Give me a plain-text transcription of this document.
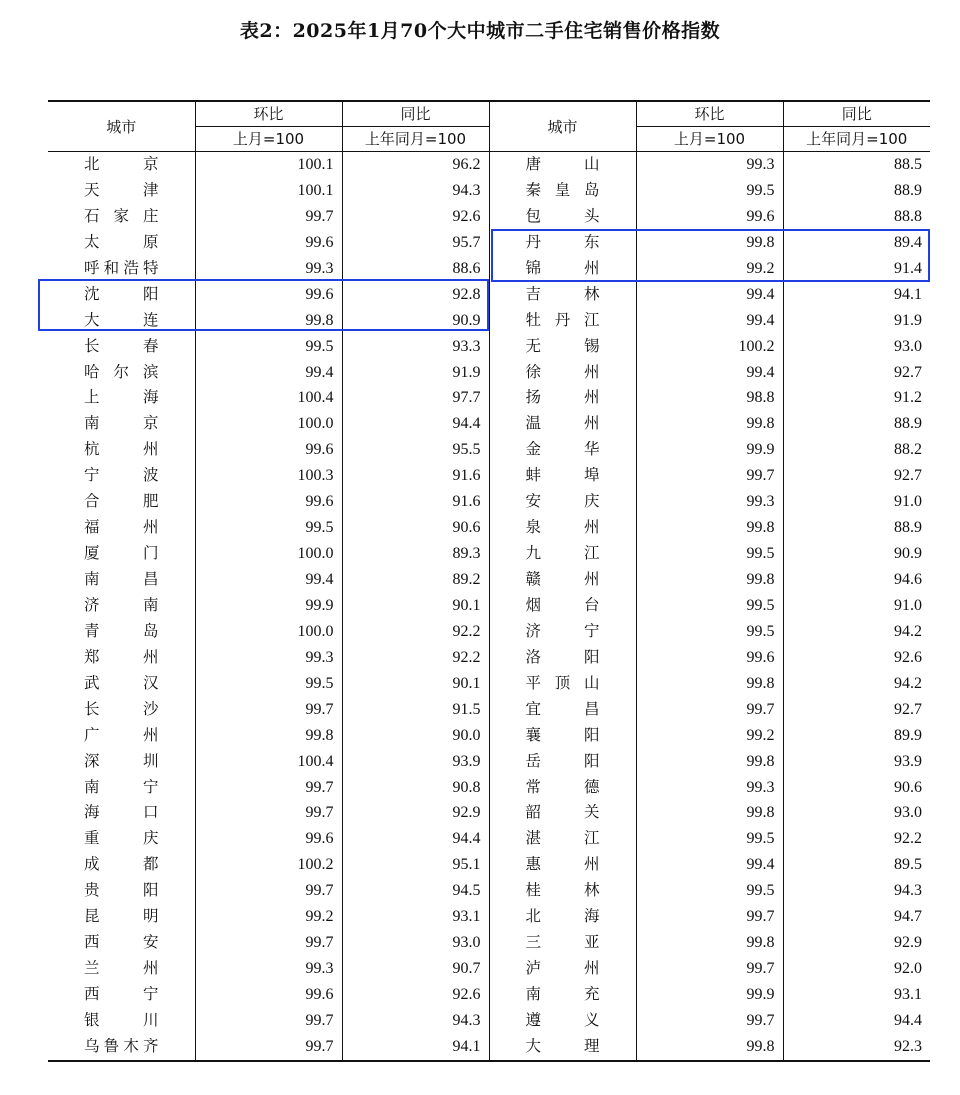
表2：2025年1月70个大中城市二手住宅销售价格指数
城市	环比	同比	城市	环比	同比
	上月=100	上年同月=100		上月=100	上年同月=100

北京	100.1	96.2	唐山	99.3	88.5

天津	100.1	94.3	秦皇岛	99.5	88.9

石家庄	99.7	92.6	包头	99.6	88.8

太原	99.6	95.7	丹东	99.8	89.4

呼和浩特	99.3	88.6	锦州	99.2	91.4

沈阳	99.6	92.8	吉林	99.4	94.1

大连	99.8	90.9	牡丹江	99.4	91.9

长春	99.5	93.3	无锡	100.2	93.0

哈尔滨	99.4	91.9	徐州	99.4	92.7

上海	100.4	97.7	扬州	98.8	91.2

南京	100.0	94.4	温州	99.8	88.9

杭州	99.6	95.5	金华	99.9	88.2

宁波	100.3	91.6	蚌埠	99.7	92.7

合肥	99.6	91.6	安庆	99.3	91.0

福州	99.5	90.6	泉州	99.8	88.9

厦门	100.0	89.3	九江	99.5	90.9

南昌	99.4	89.2	赣州	99.8	94.6

济南	99.9	90.1	烟台	99.5	91.0

青岛	100.0	92.2	济宁	99.5	94.2

郑州	99.3	92.2	洛阳	99.6	92.6

武汉	99.5	90.1	平顶山	99.8	94.2

长沙	99.7	91.5	宜昌	99.7	92.7

广州	99.8	90.0	襄阳	99.2	89.9

深圳	100.4	93.9	岳阳	99.8	93.9

南宁	99.7	90.8	常德	99.3	90.6

海口	99.7	92.9	韶关	99.8	93.0

重庆	99.6	94.4	湛江	99.5	92.2

成都	100.2	95.1	惠州	99.4	89.5

贵阳	99.7	94.5	桂林	99.5	94.3

昆明	99.2	93.1	北海	99.7	94.7

西安	99.7	93.0	三亚	99.8	92.9

兰州	99.3	90.7	泸州	99.7	92.0

西宁	99.6	92.6	南充	99.9	93.1

银川	99.7	94.3	遵义	99.7	94.4

乌鲁木齐	99.7	94.1	大理	99.8	92.3
